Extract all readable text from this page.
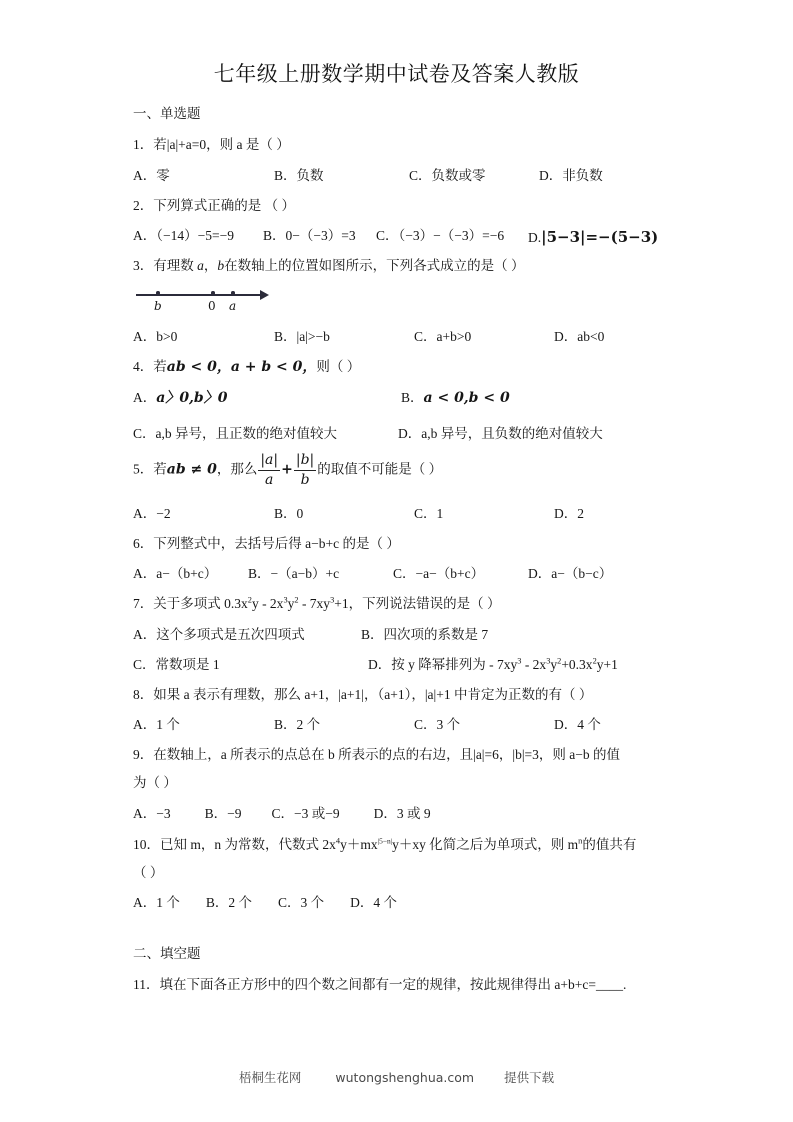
七年级上册数学期中试卷及答案人教版
一、单选题
1．若|a|+a=0，则 a 是（ ）
A．零	B．负数	C．负数或零	D．非负数
2．下列算式正确的是 （ ）
A．（−14）−5=−9 B．0−（−3）=3 C．（−3）−（−3）=−6 D.|5−3|=−(5−3)
3．有理数 a，b在数轴上的位置如图所示，下列各式成立的是（ ）
b	0 a
A．b>0	B．|a|>−b	C．a+b>0	D．ab<0
4．若ab < 0，a + b < 0，则（ ）
A．a〉0,b〉0	B．a < 0,b < 0
C．a,b 异号，且正数的绝对值较大	D．a,b 异号，且负数的绝对值较大
5．若ab ≠ 0，那么 $\frac{|a|}{a} + \frac{|b|}{b}$ 的取值不可能是（ ）
A．−2	B．0	C．1	D．2
6．下列整式中，去括号后得 a−b+c 的是（ ）
A．a−（b+c） B．−（a−b）+c	C．−a−（b+c）	D．a−（b−c）
7．关于多项式 $0.3x^2y - 2x^3y^2 - 7xy^3+1$，下列说法错误的是（ ）
A．这个多项式是五次四项式	B．四次项的系数是 7
C．常数项是 1	D．按 y 降幂排列为 - $7xy^3 - 2x^3y^2+0.3x^2y+1$
8．如果 a 表示有理数，那么 a+1，|a+1|，（a+1），|a|+1 中肯定为正数的有（ ）
A．1 个	B．2 个	C．3 个	D．4 个
9．在数轴上，a 所表示的点总在 b 所表示的点的右边，且|a|=6，|b|=3，则 a−b 的值
为（ ）
A．−3	B．−9 C．−3 或−9	D．3 或 9
10．已知 m，n 为常数，代数式 $2x^4y+mx^{|5-n|}y+xy$ 化简之后为单项式，则 $m^n$的值共有
（ ）
A．1 个 B．2 个 C．3 个 D．4 个
二、填空题
11．填在下面各正方形中的四个数之间都有一定的规律，按此规律得出 a+b+c=____.
梧桐生花网	wutongshenghua.com 提供下载
